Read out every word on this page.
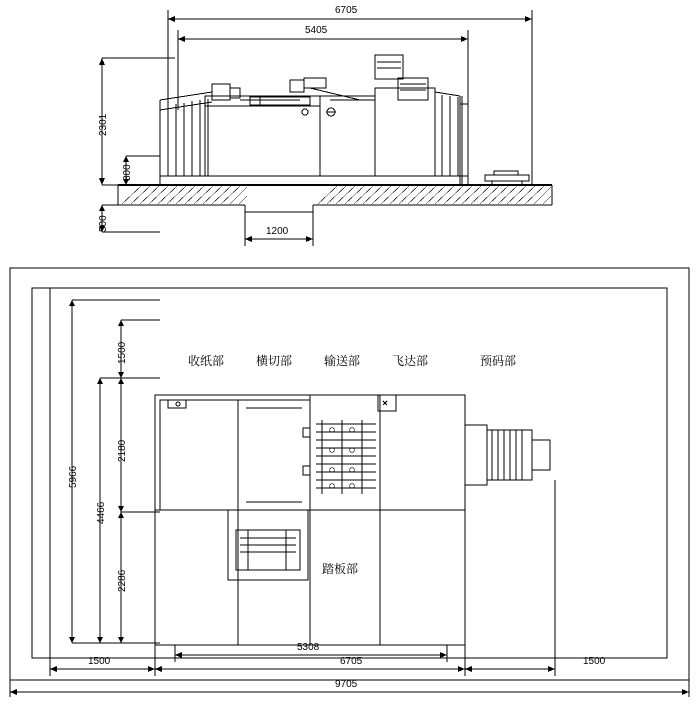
6705
5405
2301
300
500	1200
1500
2180
2286
4466
5966
5308
6705
1500	1500
9705
收纸部	横切部	输送部	飞达部	预码部
踏板部
